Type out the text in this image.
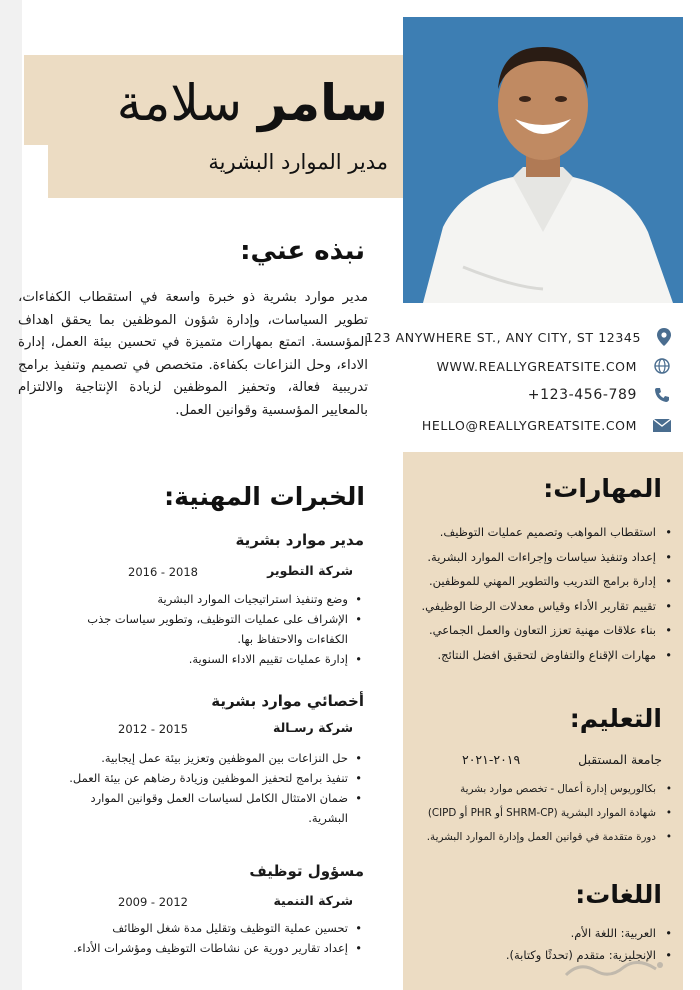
سامر سلامة
مدير الموارد البشرية
123 ANYWHERE ST., ANY CITY, ST 12345
WWW.REALLYGREATSITE.COM
+123-456-789
HELLO@REALLYGREATSITE.COM
نبذه عني:
مدير موارد بشرية ذو خبرة واسعة في استقطاب الكفاءات، تطوير السياسات، وإدارة شؤون الموظفين بما يحقق اهداف المؤسسة. اتمتع بمهارات متميزة في تحسين بيئة العمل، إدارة الاداء، وحل النزاعات بكفاءة. متخصص في تصميم وتنفيذ برامج تدريبية فعالة، وتحفيز الموظفين لزيادة الإنتاجية والالتزام بالمعايير المؤسسية وقوانين العمل.
المهارات:
• استقطاب المواهب وتصميم عمليات التوظيف.
• إعداد وتنفيذ سياسات وإجراءات الموارد البشرية.
• إدارة برامج التدريب والتطوير المهني للموظفين.
• تقييم تقارير الأداء وقياس معدلات الرضا الوظيفي.
• بناء علاقات مهنية تعزز التعاون والعمل الجماعي.
• مهارات الإقناع والتفاوض لتحقيق افضل النتائج.
التعليم:
جامعة المستقبل
٢٠١٩-٢٠٢١
• بكالوريوس إدارة أعمال - تخصص موارد بشرية
• شهادة الموارد البشرية (SHRM-CP أو PHR أو CIPD)
• دورة متقدمة في قوانين العمل وإدارة الموارد البشرية.
اللغات:
• العربية: اللغة الأم.
• الإنجليزية: متقدم (تحدثًا وكتابة).
الخبرات المهنية:
مدير موارد بشرية
شركة التطوير
2016 - 2018
• وضع وتنفيذ استراتيجيات الموارد البشرية
• الإشراف على عمليات التوظيف، وتطوير سياسات جذب الكفاءات والاحتفاظ بها.
• إدارة عمليات تقييم الاداء السنوية.
أخصائي موارد بشرية
شركة رسـالة
2012 - 2015
• حل النزاعات بين الموظفين وتعزيز بيئة عمل إيجابية.
• تنفيذ برامج لتحفيز الموظفين وزيادة رضاهم عن بيئة العمل.
• ضمان الامتثال الكامل لسياسات العمل وقوانين الموارد البشرية.
مسؤول توظيف
شركة التنمية
2009 - 2012
• تحسين عملية التوظيف وتقليل مدة شغل الوظائف
• إعداد تقارير دورية عن نشاطات التوظيف ومؤشرات الأداء.
